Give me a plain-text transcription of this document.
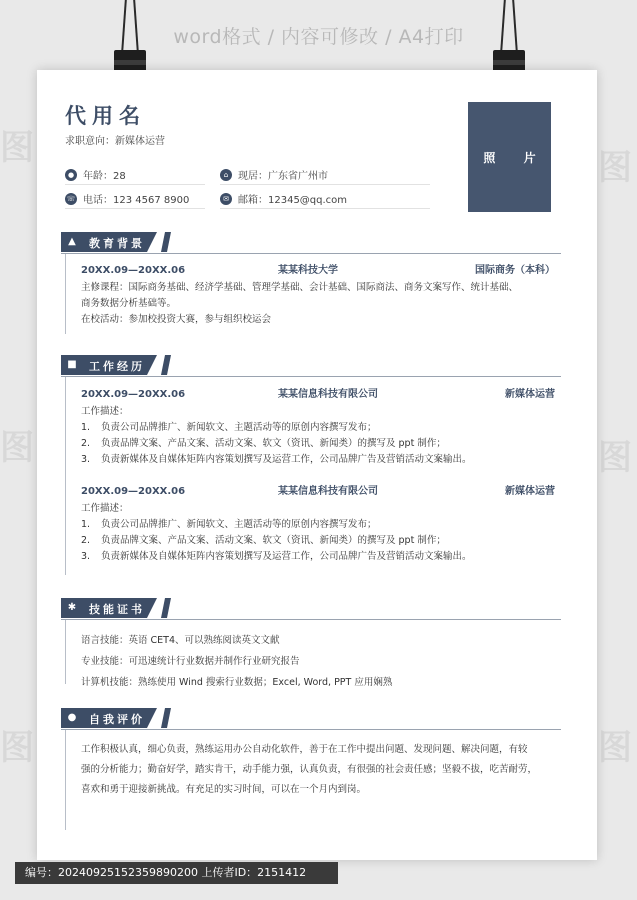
word格式 / 内容可修改 / A4打印
图	图
图	图
图	图
代用名
求职意向：新媒体运营
● 年龄：28	⌂ 现居：广东省广州市
☏ 电话：123 4567 8900	✉ 邮箱：12345@qq.com
照 片
▲ 教育背景
20XX.09—20XX.06	某某科技大学	国际商务（本科）
主修课程：国际商务基础、经济学基础、管理学基础、会计基础、国际商法、商务文案写作、统计基础、
商务数据分析基础等。
在校活动：参加校投资大赛，参与组织校运会
■ 工作经历
20XX.09—20XX.06	某某信息科技有限公司	新媒体运营
工作描述：
1.	负责公司品牌推广、新闻软文、主题活动等的原创内容撰写发布；
2.	负责品牌文案、产品文案、活动文案、软文（资讯、新闻类）的撰写及 ppt 制作；
3.	负责新媒体及自媒体矩阵内容策划撰写及运营工作，公司品牌广告及营销活动文案输出。
20XX.09—20XX.06	某某信息科技有限公司	新媒体运营
工作描述：
1.	负责公司品牌推广、新闻软文、主题活动等的原创内容撰写发布；
2.	负责品牌文案、产品文案、活动文案、软文（资讯、新闻类）的撰写及 ppt 制作；
3.	负责新媒体及自媒体矩阵内容策划撰写及运营工作，公司品牌广告及营销活动文案输出。
✱ 技能证书
语言技能：英语 CET4、可以熟练阅读英文文献
专业技能：可迅速统计行业数据并制作行业研究报告
计算机技能：熟练使用 Wind 搜索行业数据；Excel, Word, PPT 应用娴熟
● 自我评价
工作积极认真，细心负责，熟练运用办公自动化软件，善于在工作中提出问题、发现问题、解决问题，有较
强的分析能力；勤奋好学，踏实肯干，动手能力强，认真负责，有很强的社会责任感；坚毅不拔，吃苦耐劳，
喜欢和勇于迎接新挑战。有充足的实习时间，可以在一个月内到岗。
编号：20240925152359890200 上传者ID：2151412
